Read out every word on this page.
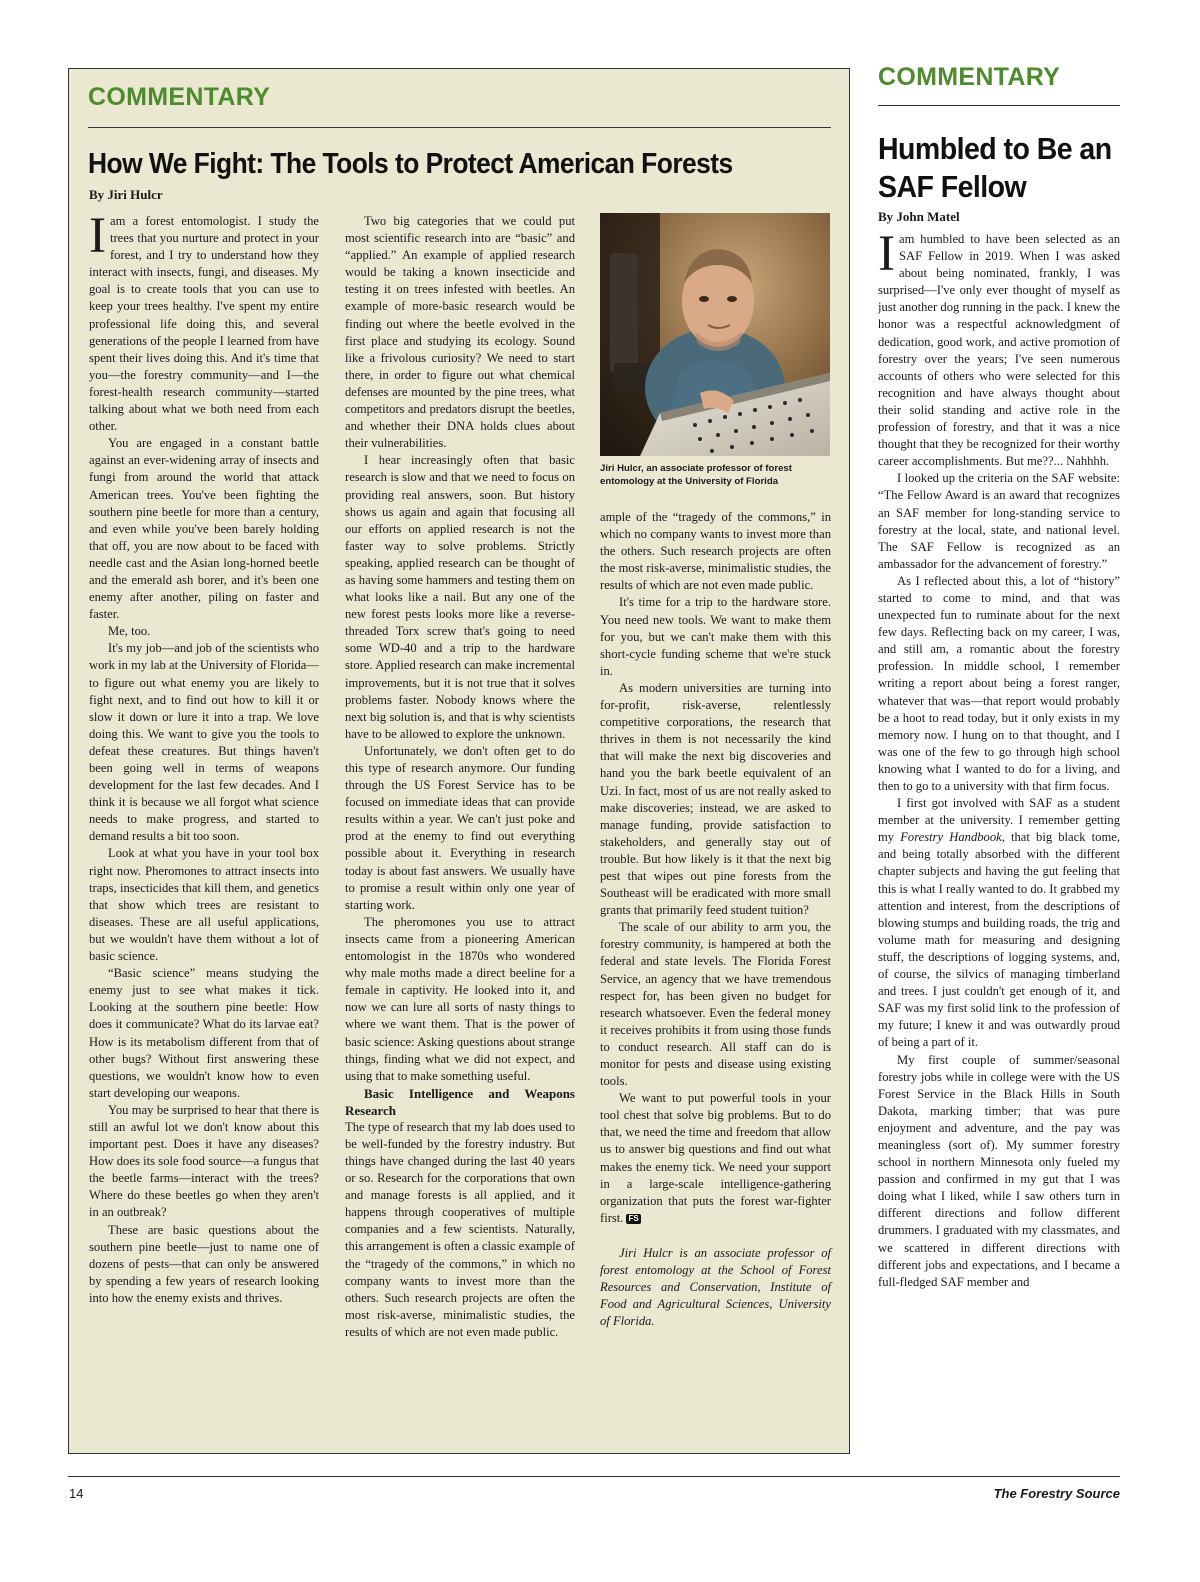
COMMENTARY

How We Fight: The Tools to Protect American Forests

By Jiri Hulcr

Iam a forest entomologist. I study the trees that you nurture and protect in your forest, and I try to understand how they interact with insects, fungi, and diseases. My goal is to create tools that you can use to keep your trees healthy. I've spent my entire professional life doing this, and several generations of the people I learned from have spent their lives doing this. And it's time that you—the forestry community—and I—the forest-health research community—started talking about what we both need from each other.

You are engaged in a constant battle against an ever-widening array of insects and fungi from around the world that attack American trees. You've been fighting the southern pine beetle for more than a century, and even while you've been barely holding that off, you are now about to be faced with needle cast and the Asian long-horned beetle and the emerald ash borer, and it's been one enemy after another, piling on faster and faster.

Me, too.

It's my job—and job of the scientists who work in my lab at the University of Florida—to figure out what enemy you are likely to fight next, and to find out how to kill it or slow it down or lure it into a trap. We love doing this. We want to give you the tools to defeat these creatures. But things haven't been going well in terms of weapons development for the last few decades. And I think it is because we all forgot what science needs to make progress, and started to demand results a bit too soon.

Look at what you have in your tool box right now. Pheromones to attract insects into traps, insecticides that kill them, and genetics that show which trees are resistant to diseases. These are all useful applications, but we wouldn't have them without a lot of basic science.

“Basic science” means studying the enemy just to see what makes it tick. Looking at the southern pine beetle: How does it communicate? What do its larvae eat? How is its metabolism different from that of other bugs? Without first answering these questions, we wouldn't know how to even start developing our weapons.

You may be surprised to hear that there is still an awful lot we don't know about this important pest. Does it have any diseases? How does its sole food source—a fungus that the beetle farms—interact with the trees? Where do these beetles go when they aren't in an outbreak?

These are basic questions about the southern pine beetle—just to name one of dozens of pests—that can only be answered by spending a few years of research looking into how the enemy exists and thrives.

Two big categories that we could put most scientific research into are “basic” and “applied.” An example of applied research would be taking a known insecticide and testing it on trees infested with beetles. An example of more-basic research would be finding out where the beetle evolved in the first place and studying its ecology. Sound like a frivolous curiosity? We need to start there, in order to figure out what chemical defenses are mounted by the pine trees, what competitors and predators disrupt the beetles, and whether their DNA holds clues about their vulnerabilities.

I hear increasingly often that basic research is slow and that we need to focus on providing real answers, soon. But history shows us again and again that focusing all our efforts on applied research is not the faster way to solve problems. Strictly speaking, applied research can be thought of as having some hammers and testing them on what looks like a nail. But any one of the new forest pests looks more like a reverse-threaded Torx screw that's going to need some WD-40 and a trip to the hardware store. Applied research can make incremental improvements, but it is not true that it solves problems faster. Nobody knows where the next big solution is, and that is why scientists have to be allowed to explore the unknown.

Unfortunately, we don't often get to do this type of research anymore. Our funding through the US Forest Service has to be focused on immediate ideas that can provide results within a year. We can't just poke and prod at the enemy to find out everything possible about it. Everything in research today is about fast answers. We usually have to promise a result within only one year of starting work.

The pheromones you use to attract insects came from a pioneering American entomologist in the 1870s who wondered why male moths made a direct beeline for a female in captivity. He looked into it, and now we can lure all sorts of nasty things to where we want them. That is the power of basic science: Asking questions about strange things, finding what we did not expect, and using that to make something useful.

Basic Intelligence and Weapons Research

The type of research that my lab does used to be well-funded by the forestry industry. But things have changed during the last 40 years or so. Research for the corporations that own and manage forests is all applied, and it happens through cooperatives of multiple companies and a few scientists. Naturally, this arrangement is often a classic example of the “tragedy of the commons,” in which no company wants to invest more than the others. Such research projects are often the most risk-averse, minimalistic studies, the results of which are not even made public.

Jiri Hulcr, an associate professor of forest entomology at the University of Florida

ample of the “tragedy of the commons,” in which no company wants to invest more than the others. Such research projects are often the most risk-averse, minimalistic studies, the results of which are not even made public.

It's time for a trip to the hardware store. You need new tools. We want to make them for you, but we can't make them with this short-cycle funding scheme that we're stuck in.

As modern universities are turning into for-profit, risk-averse, relentlessly competitive corporations, the research that thrives in them is not necessarily the kind that will make the next big discoveries and hand you the bark beetle equivalent of an Uzi. In fact, most of us are not really asked to make discoveries; instead, we are asked to manage funding, provide satisfaction to stakeholders, and generally stay out of trouble. But how likely is it that the next big pest that wipes out pine forests from the Southeast will be eradicated with more small grants that primarily feed student tuition?

The scale of our ability to arm you, the forestry community, is hampered at both the federal and state levels. The Florida Forest Service, an agency that we have tremendous respect for, has been given no budget for research whatsoever. Even the federal money it receives prohibits it from using those funds to conduct research. All staff can do is monitor for pests and disease using existing tools.

We want to put powerful tools in your tool chest that solve big problems. But to do that, we need the time and freedom that allow us to answer big questions and find out what makes the enemy tick. We need your support in a large-scale intelligence-gathering organization that puts the forest war-fighter first. FS

Jiri Hulcr is an associate professor of forest entomology at the School of Forest Resources and Conservation, Institute of Food and Agricultural Sciences, University of Florida.

COMMENTARY

Humbled to Be an
SAF Fellow

By John Matel

Iam humbled to have been selected as an SAF Fellow in 2019. When I was asked about being nominated, frankly, I was surprised—I've only ever thought of myself as just another dog running in the pack. I knew the honor was a respectful acknowledgment of dedication, good work, and active promotion of forestry over the years; I've seen numerous accounts of others who were selected for this recognition and have always thought about their solid standing and active role in the profession of forestry, and that it was a nice thought that they be recognized for their worthy career accomplishments. But me??... Nahhhh.

I looked up the criteria on the SAF website: “The Fellow Award is an award that recognizes an SAF member for long-standing service to forestry at the local, state, and national level. The SAF Fellow is recognized as an ambassador for the advancement of forestry.”

As I reflected about this, a lot of “history” started to come to mind, and that was unexpected fun to ruminate about for the next few days. Reflecting back on my career, I was, and still am, a romantic about the forestry profession. In middle school, I remember writing a report about being a forest ranger, whatever that was—that report would probably be a hoot to read today, but it only exists in my memory now. I hung on to that thought, and I was one of the few to go through high school knowing what I wanted to do for a living, and then to go to a university with that firm focus.

I first got involved with SAF as a student member at the university. I remember getting my Forestry Handbook, that big black tome, and being totally absorbed with the different chapter subjects and having the gut feeling that this is what I really wanted to do. It grabbed my attention and interest, from the descriptions of blowing stumps and building roads, the trig and volume math for measuring and designing stuff, the descriptions of logging systems, and, of course, the silvics of managing timberland and trees. I just couldn't get enough of it, and SAF was my first solid link to the profession of my future; I knew it and was outwardly proud of being a part of it.

My first couple of summer/seasonal forestry jobs while in college were with the US Forest Service in the Black Hills in South Dakota, marking timber; that was pure enjoyment and adventure, and the pay was meaningless (sort of). My summer forestry school in northern Minnesota only fueled my passion and confirmed in my gut that I was doing what I liked, while I saw others turn in different directions and follow different drummers. I graduated with my classmates, and we scattered in different directions with different jobs and expectations, and I became a full-fledged SAF member and

14	The Forestry Source
